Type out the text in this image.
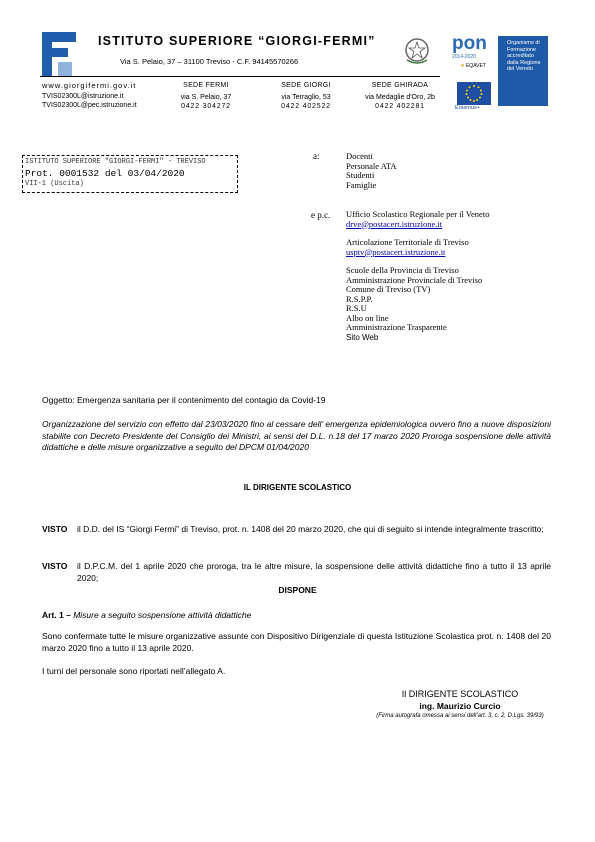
ISTITUTO SUPERIORE “GIORGI-FERMI”
Via S. Pelaio, 37 – 31100 Treviso - C.F. 94145570266
www.giorgifermi.gov.it
TVIS02300L@istruzione.it
TVIS02300L@pec.istruzione.it
SEDE FERMI
via S. Pelaio, 37
0422 304272
SEDE GIORGI
via Terraglio, 53
0422 402522
SEDE GHIRADA
via Medaglie d'Oro, 2b
0422 402281
pon
2014-2020
★ EQAVET
Erasmus+
Organismo di Formazione accreditato dalla Regione del Veneto
ISTITUTO SUPERIORE "GIORGI-FERMI" - TREVISO
Prot. 0001532 del 03/04/2020
VII-1 (Uscita)
a:	Docenti
Personale ATA
Studenti
Famiglie
e p.c. Ufficio Scolastico Regionale per il Veneto
drve@postacert.istruzione.it
Articolazione Territoriale di Treviso
usptv@postacert.istruzione.it
Scuole della Provincia di Treviso
Amministrazione Provinciale di Treviso
Comune di Treviso (TV)
R.S.P.P.
R.S.U
Albo on line
Amministrazione Trasparente
Sito Web
Oggetto: Emergenza sanitaria per il contenimento del contagio da Covid-19
Organizzazione del servizio con effetto dal 23/03/2020 fino al cessare dell’ emergenza epidemiologica ovvero fino a nuove disposizioni stabilite con Decreto Presidente del Consiglio dei Ministri, ai sensi del D.L. n.18 del 17 marzo 2020 Proroga sospensione delle attività didattiche e delle misure organizzative a seguito del DPCM 01/04/2020
IL DIRIGENTE SCOLASTICO
VISTO il D.D. del IS “Giorgi Fermi” di Treviso, prot. n. 1408 del 20 marzo 2020, che qui di seguito si intende integralmente trascritto;
VISTO il D.P.C.M. del 1 aprile 2020 che proroga, tra le altre misure, la sospensione delle attività didattiche fino a tutto il 13 aprile 2020;
DISPONE
Art. 1 – Misure a seguito sospensione attività didattiche
Sono confermate tutte le misure organizzative assunte con Dispositivo Dirigenziale di questa Istituzione Scolastica prot. n. 1408 del 20 marzo 2020 fino a tutto il 13 aprile 2020.
I turni del personale sono riportati nell’allegato A.
Il DIRIGENTE SCOLASTICO
ing. Maurizio Curcio
(Firma autografa omessa ai sensi dell’art. 3, c. 2, D.Lgs. 39/93)
